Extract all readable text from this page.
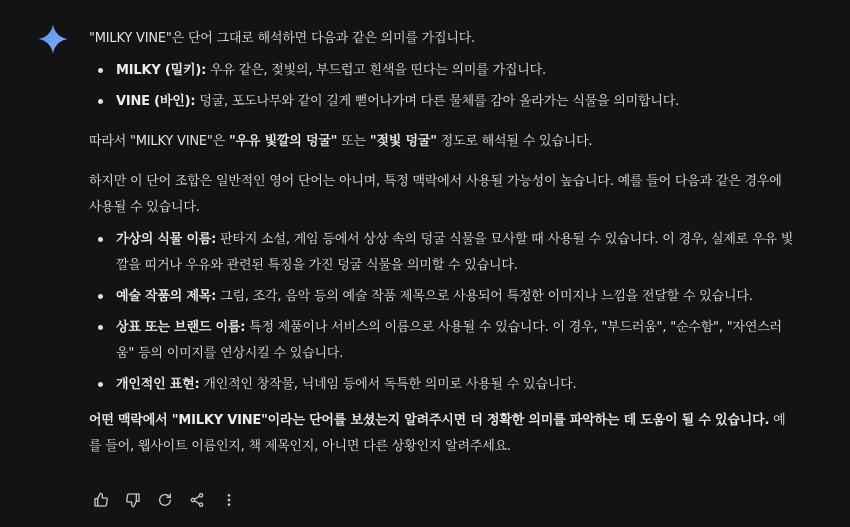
"MILKY VINE"은 단어 그대로 해석하면 다음과 같은 의미를 가집니다.

MILKY (밀키): 우유 같은, 젖빛의, 부드럽고 흰색을 띤다는 의미를 가집니다.
VINE (바인): 덩굴, 포도나무와 같이 길게 뻗어나가며 다른 물체를 감아 올라가는 식물을 의미합니다.

따라서 "MILKY VINE"은 "우유 빛깔의 덩굴" 또는 "젖빛 덩굴" 정도로 해석될 수 있습니다.

하지만 이 단어 조합은 일반적인 영어 단어는 아니며, 특정 맥락에서 사용될 가능성이 높습니다. 예를 들어 다음과 같은 경우에 사용될 수 있습니다.

가상의 식물 이름: 판타지 소설, 게임 등에서 상상 속의 덩굴 식물을 묘사할 때 사용될 수 있습니다. 이 경우, 실제로 우유 빛깔을 띠거나 우유와 관련된 특징을 가진 덩굴 식물을 의미할 수 있습니다.
예술 작품의 제목: 그림, 조각, 음악 등의 예술 작품 제목으로 사용되어 특정한 이미지나 느낌을 전달할 수 있습니다.
상표 또는 브랜드 이름: 특정 제품이나 서비스의 이름으로 사용될 수 있습니다. 이 경우, "부드러움", "순수함", "자연스러움" 등의 이미지를 연상시킬 수 있습니다.
개인적인 표현: 개인적인 창작물, 닉네임 등에서 독특한 의미로 사용될 수 있습니다.

어떤 맥락에서 "MILKY VINE"이라는 단어를 보셨는지 알려주시면 더 정확한 의미를 파악하는 데 도움이 될 수 있습니다. 예를 들어, 웹사이트 이름인지, 책 제목인지, 아니면 다른 상황인지 알려주세요.
